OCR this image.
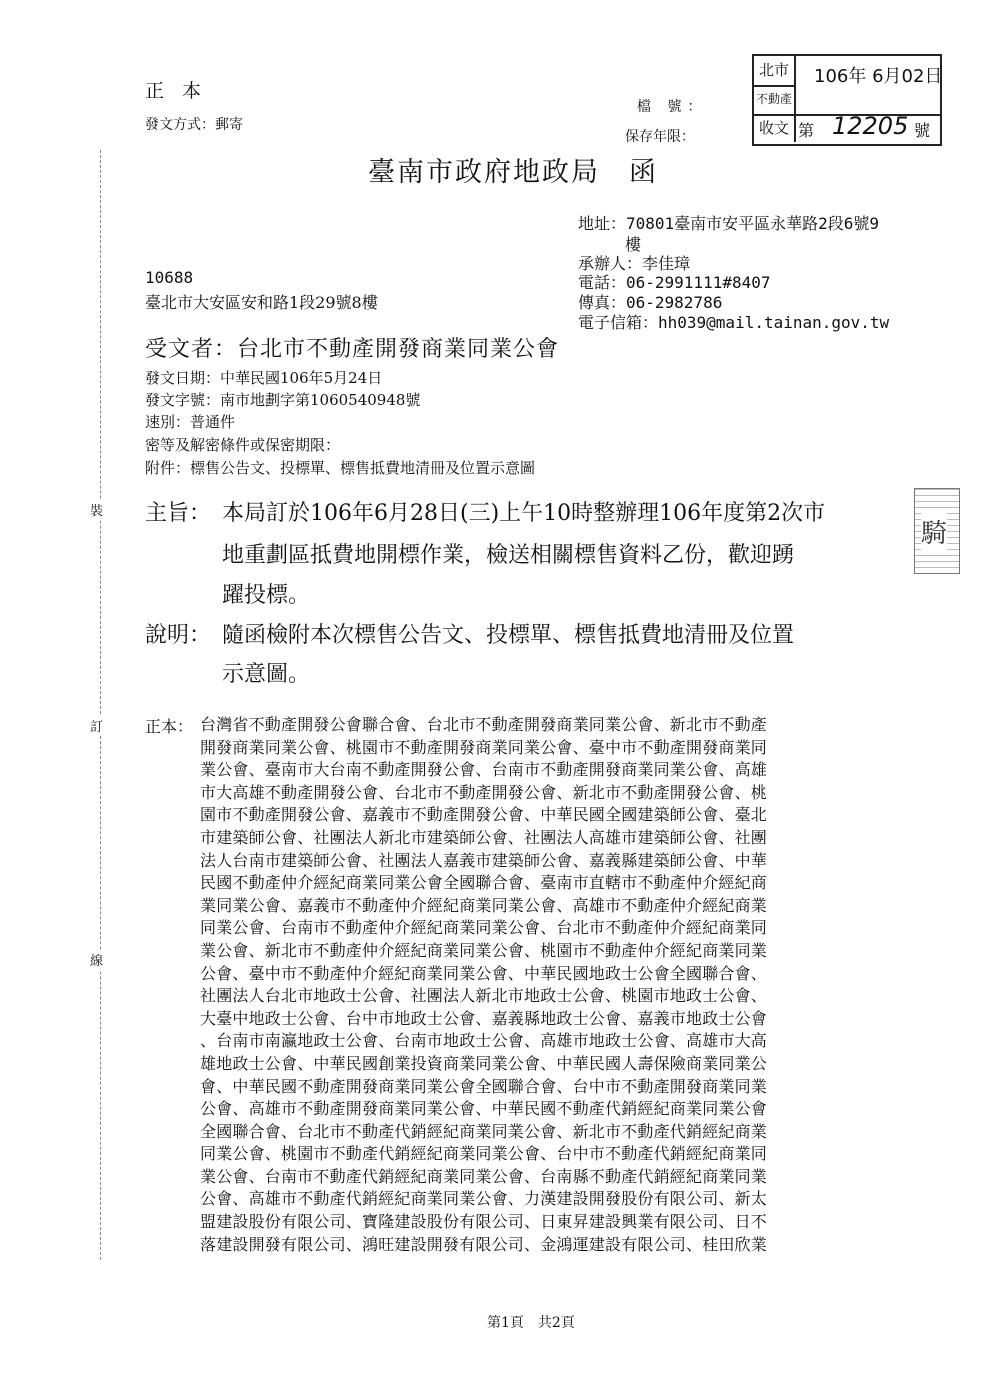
裝
訂
線
正 本
發文方式：郵寄
檔 號：
保存年限：
北市
不動產
收文
106年 6月02日
第 12205 號
臺南市政府地政局　函
地址：70801臺南市安平區永華路2段6號9
樓
承辦人：李佳璋
電話：06-2991111#8407
傳真：06-2982786
電子信箱：hh039@mail.tainan.gov.tw
10688
臺北市大安區安和路1段29號8樓
受文者：台北市不動產開發商業同業公會
發文日期：中華民國106年5月24日
發文字號：南市地劃字第1060540948號
速別：普通件
密等及解密條件或保密期限：
附件：標售公告文、投標單、標售抵費地清冊及位置示意圖
主旨： 本局訂於106年6月28日(三)上午10時整辦理106年度第2次市
地重劃區抵費地開標作業，檢送相關標售資料乙份，歡迎踴
躍投標。
說明： 隨函檢附本次標售公告文、投標單、標售抵費地清冊及位置
示意圖。
騎
正本： 台灣省不動產開發公會聯合會、台北市不動產開發商業同業公會、新北市不動產
開發商業同業公會、桃園市不動產開發商業同業公會、臺中市不動產開發商業同
業公會、臺南市大台南不動產開發公會、台南市不動產開發商業同業公會、高雄
市大高雄不動產開發公會、台北市不動產開發公會、新北市不動產開發公會、桃
園市不動產開發公會、嘉義市不動產開發公會、中華民國全國建築師公會、臺北
市建築師公會、社團法人新北市建築師公會、社團法人高雄市建築師公會、社團
法人台南市建築師公會、社團法人嘉義市建築師公會、嘉義縣建築師公會、中華
民國不動產仲介經紀商業同業公會全國聯合會、臺南市直轄市不動產仲介經紀商
業同業公會、嘉義市不動產仲介經紀商業同業公會、高雄市不動產仲介經紀商業
同業公會、台南市不動產仲介經紀商業同業公會、台北市不動產仲介經紀商業同
業公會、新北市不動產仲介經紀商業同業公會、桃園市不動產仲介經紀商業同業
公會、臺中市不動產仲介經紀商業同業公會、中華民國地政士公會全國聯合會、
社團法人台北市地政士公會、社團法人新北市地政士公會、桃園市地政士公會、
大臺中地政士公會、台中市地政士公會、嘉義縣地政士公會、嘉義市地政士公會
、台南市南瀛地政士公會、台南市地政士公會、高雄市地政士公會、高雄市大高
雄地政士公會、中華民國創業投資商業同業公會、中華民國人壽保險商業同業公
會、中華民國不動產開發商業同業公會全國聯合會、台中市不動產開發商業同業
公會、高雄市不動產開發商業同業公會、中華民國不動產代銷經紀商業同業公會
全國聯合會、台北市不動產代銷經紀商業同業公會、新北市不動產代銷經紀商業
同業公會、桃園市不動產代銷經紀商業同業公會、台中市不動產代銷經紀商業同
業公會、台南市不動產代銷經紀商業同業公會、台南縣不動產代銷經紀商業同業
公會、高雄市不動產代銷經紀商業同業公會、力漢建設開發股份有限公司、新太
盟建設股份有限公司、寶隆建設股份有限公司、日東昇建設興業有限公司、日不
落建設開發有限公司、鴻旺建設開發有限公司、金鴻運建設有限公司、桂田欣業
第1頁　共2頁
